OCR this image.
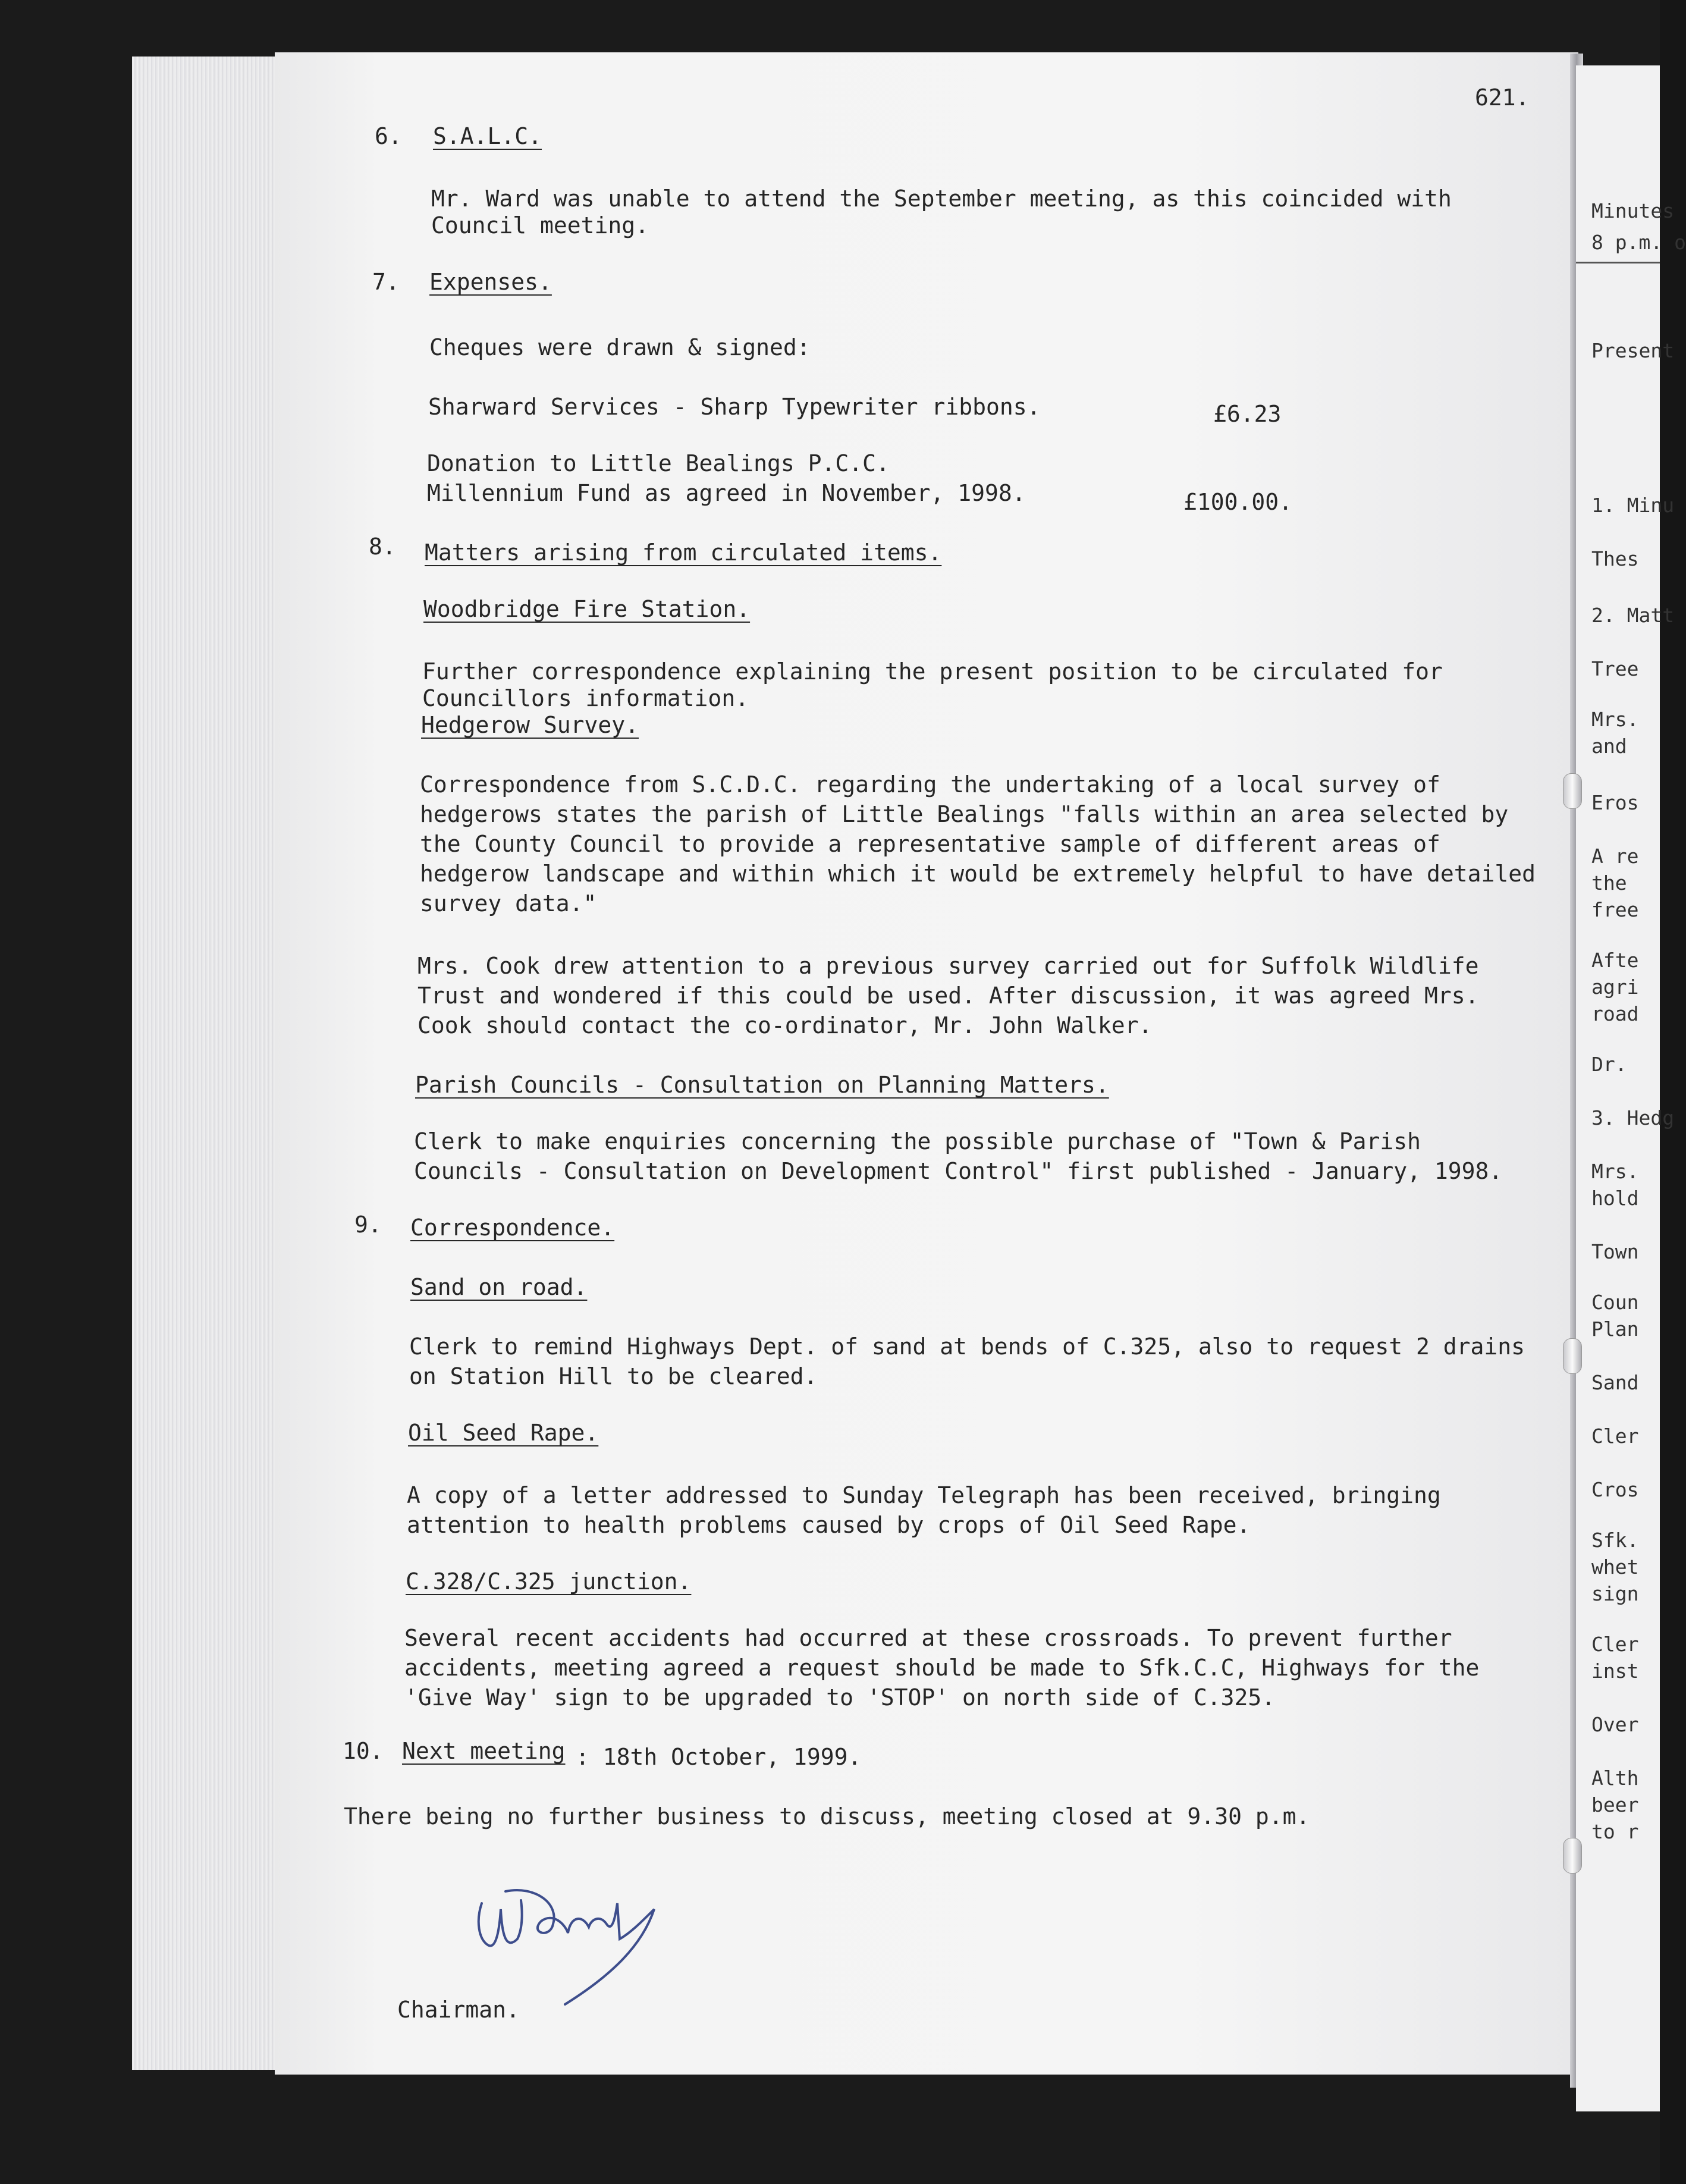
Minutes
8 p.m. o
Present
1. Minu
Thes
2. Matt
Tree
Mrs.
and
Eros
A re
the
free
Afte
agri
road
Dr.
3. Hedg
Mrs.
hold
Town
Coun
Plan
Sand
Cler
Cros
Sfk.
whet
sign
Cler
inst
Over
Alth
beer
to r
621.
6. S.A.L.C.
Mr. Ward was unable to attend the September meeting, as this coincided with
Council meeting.
7. Expenses.
Cheques were drawn & signed:
Sharward Services - Sharp Typewriter ribbons.	£6.23
Donation to Little Bealings P.C.C.
Millennium Fund as agreed in November, 1998.	£100.00.
8. Matters arising from circulated items.
Woodbridge Fire Station.
Further correspondence explaining the present position to be circulated for
Councillors information.
Hedgerow Survey.
Correspondence from S.C.D.C. regarding the undertaking of a local survey of
hedgerows states the parish of Little Bealings "falls within an area selected by
the County Council to provide a representative sample of different areas of
hedgerow landscape and within which it would be extremely helpful to have detailed
survey data."
Mrs. Cook drew attention to a previous survey carried out for Suffolk Wildlife
Trust and wondered if this could be used. After discussion, it was agreed Mrs.
Cook should contact the co-ordinator, Mr. John Walker.
Parish Councils - Consultation on Planning Matters.
Clerk to make enquiries concerning the possible purchase of "Town & Parish
Councils - Consultation on Development Control" first published - January, 1998.
9. Correspondence.
Sand on road.
Clerk to remind Highways Dept. of sand at bends of C.325, also to request 2 drains
on Station Hill to be cleared.
Oil Seed Rape.
A copy of a letter addressed to Sunday Telegraph has been received, bringing
attention to health problems caused by crops of Oil Seed Rape.
C.328/C.325 junction.
Several recent accidents had occurred at these crossroads. To prevent further
accidents, meeting agreed a request should be made to Sfk.C.C, Highways for the
'Give Way' sign to be upgraded to 'STOP' on north side of C.325.
10. Next meeting : 18th October, 1999.
There being no further business to discuss, meeting closed at 9.30 p.m.
Chairman.
